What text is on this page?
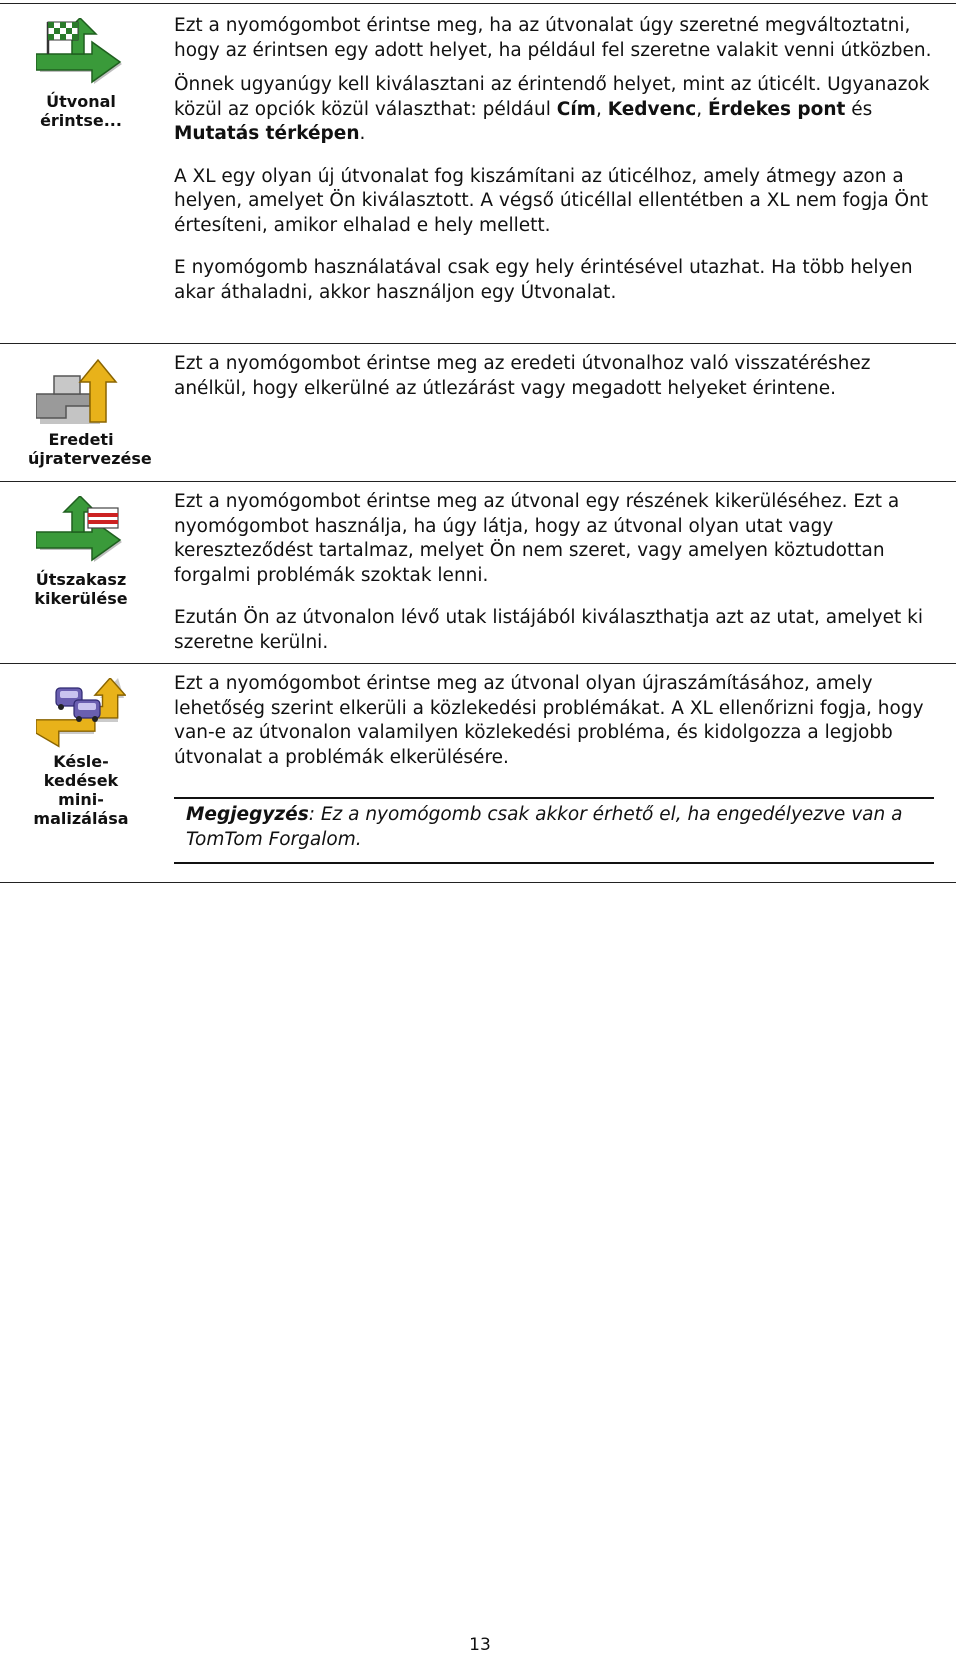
Útvonal
érintse...

Ezt a nyomógombot érintse meg, ha az útvonalat úgy szeretné megváltoztatni, hogy az érintsen egy adott helyet, ha például fel szeretne valakit venni útközben.

Önnek ugyanúgy kell kiválasztani az érintendő helyet, mint az úticélt. Ugyanazok közül az opciók közül választhat: például Cím, Kedvenc, Érdekes pont és Mutatás térképen.

A XL egy olyan új útvonalat fog kiszámítani az úticélhoz, amely átmegy azon a helyen, amelyet Ön kiválasztott. A végső úticéllal ellentétben a XL nem fogja Önt értesíteni, amikor elhalad e hely mellett.

E nyomógomb használatával csak egy hely érintésével utazhat. Ha több helyen akar áthaladni, akkor használjon egy Útvonalat.

Eredeti
újratervezése

Ezt a nyomógombot érintse meg az eredeti útvonalhoz való visszatéréshez anélkül, hogy elkerülné az útlezárást vagy megadott helyeket érintene.

Útszakasz
kikerülése

Ezt a nyomógombot érintse meg az útvonal egy részének kikerüléséhez. Ezt a nyomógombot használja, ha úgy látja, hogy az útvonal olyan utat vagy kereszteződést tartalmaz, melyet Ön nem szeret, vagy amelyen köztudottan forgalmi problémák szoktak lenni.

Ezután Ön az útvonalon lévő utak listájából kiválaszthatja azt az utat, amelyet ki szeretne kerülni.

Késle-
kedések mini-
malizálása

Ezt a nyomógombot érintse meg az útvonal olyan újraszámításához, amely lehetőség szerint elkerüli a közlekedési problémákat. A XL ellenőrizni fogja, hogy van-e az útvonalon valamilyen közlekedési probléma, és kidolgozza a legjobb útvonalat a problémák elkerülésére.

Megjegyzés: Ez a nyomógomb csak akkor érhető el, ha engedélyezve van a TomTom Forgalom.
13
